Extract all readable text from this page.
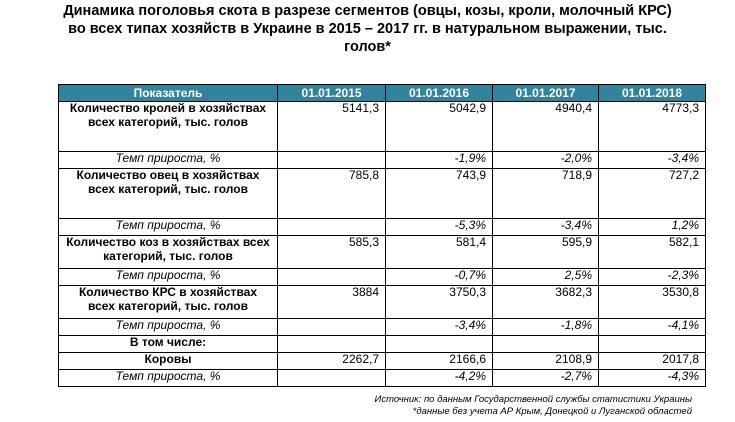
Динамика поголовья скота в разрезе сегментов (овцы, козы, кроли, молочный КРС)
во всех типах хозяйств в Украине в 2015 – 2017 гг. в натуральном выражении, тыс.
голов*
Показатель	01.01.2015	01.01.2016	01.01.2017	01.01.2018
Количество кролей в хозяйствах всех категорий, тыс. голов	5141,3	5042,9	4940,4	4773,3
Темп прироста, %		-1,9%	-2,0%	-3,4%
Количество овец в хозяйствах всех категорий, тыс. голов	785,8	743,9	718,9	727,2
Темп прироста, %		-5,3%	-3,4%	1,2%
Количество коз в хозяйствах всех категорий, тыс. голов	585,3	581,4	595,9	582,1
Темп прироста, %		-0,7%	2,5%	-2,3%
Количество КРС в хозяйствах всех категорий, тыс. голов	3884	3750,3	3682,3	3530,8
Темп прироста, %		-3,4%	-1,8%	-4,1%
В том числе:				
Коровы	2262,7	2166,6	2108,9	2017,8
Темп прироста, %		-4,2%	-2,7%	-4,3%
Источник: по данным Государственной службы статистики Украины
*данные без учета АР Крым, Донецкой и Луганской областей
